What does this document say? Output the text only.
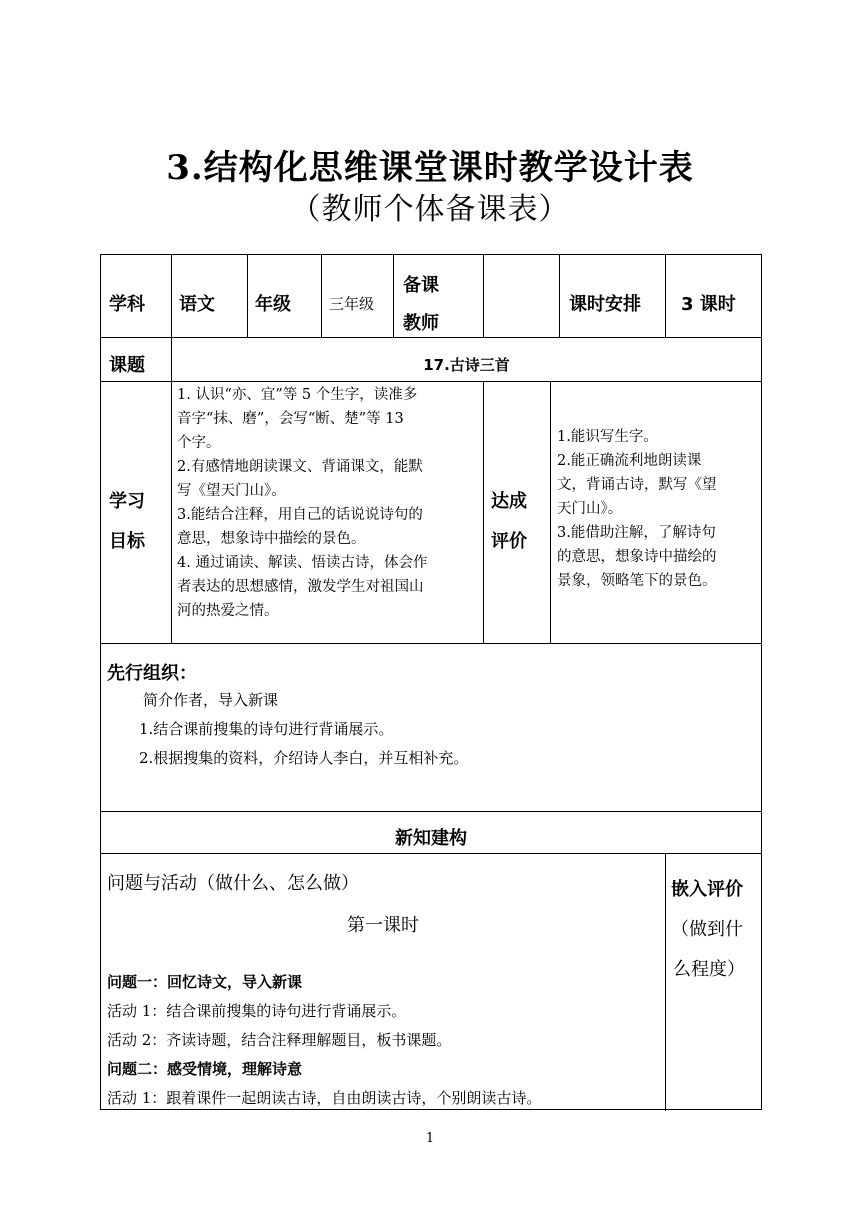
3.结构化思维课堂课时教学设计表
（教师个体备课表）
学科 语文 年级	三年级
备课
教师
课时安排 3 课时
课题	17.古诗三首
学习
目标
1. 认识“亦、宜”等 5 个生字，读准多
音字“抹、磨”，会写“断、楚”等 13
个字。
2.有感情地朗读课文、背诵课文，能默
写《望天门山》。
3.能结合注释，用自己的话说说诗句的
意思，想象诗中描绘的景色。
4. 通过诵读、解读、悟读古诗，体会作
者表达的思想感情，激发学生对祖国山
河的热爱之情。
达成
评价
1.能识写生字。
2.能正确流利地朗读课
文，背诵古诗，默写《望
天门山》。
3.能借助注解，了解诗句
的意思，想象诗中描绘的
景象，领略笔下的景色。
先行组织：
简介作者，导入新课
1.结合课前搜集的诗句进行背诵展示。
2.根据搜集的资料，介绍诗人李白，并互相补充。
新知建构
问题与活动（做什么、怎么做）
第一课时
问题一：回忆诗文，导入新课
活动 1：结合课前搜集的诗句进行背诵展示。
活动 2：齐读诗题，结合注释理解题目，板书课题。
问题二：感受情境，理解诗意
活动 1：跟着课件一起朗读古诗，自由朗读古诗，个别朗读古诗。
嵌入评价
（做到什
么程度）
1
